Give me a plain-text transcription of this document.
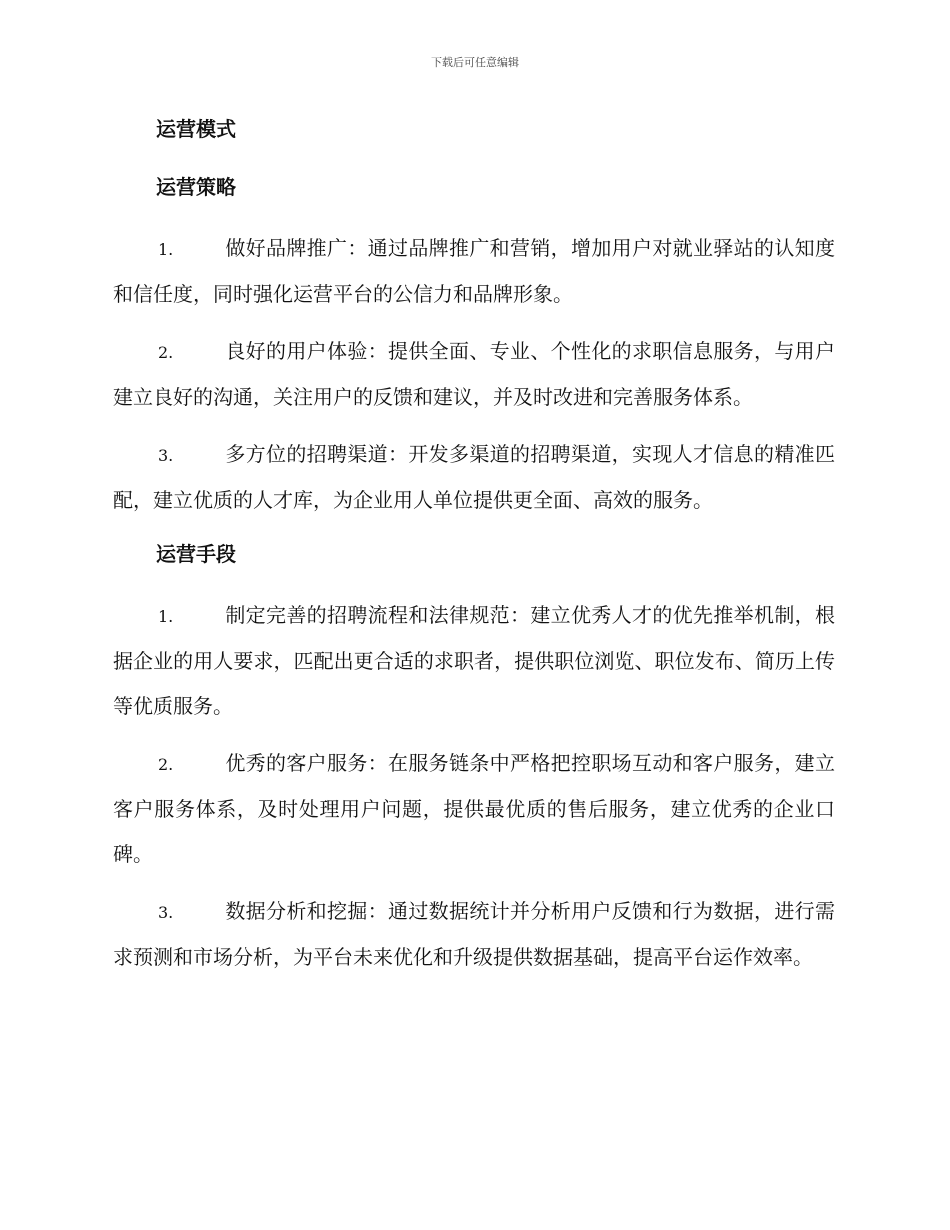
下载后可任意编辑
运营模式
运营策略
1.	做好品牌推广：通过品牌推广和营销，增加用户对就业驿站的认知度和信任度，同时强化运营平台的公信力和品牌形象。
2.	良好的用户体验：提供全面、专业、个性化的求职信息服务，与用户建立良好的沟通，关注用户的反馈和建议，并及时改进和完善服务体系。
3.	多方位的招聘渠道：开发多渠道的招聘渠道，实现人才信息的精准匹配，建立优质的人才库，为企业用人单位提供更全面、高效的服务。
运营手段
1.	制定完善的招聘流程和法律规范：建立优秀人才的优先推举机制，根据企业的用人要求，匹配出更合适的求职者，提供职位浏览、职位发布、简历上传等优质服务。
2.	优秀的客户服务：在服务链条中严格把控职场互动和客户服务，建立客户服务体系，及时处理用户问题，提供最优质的售后服务，建立优秀的企业口碑。
3.	数据分析和挖掘：通过数据统计并分析用户反馈和行为数据，进行需求预测和市场分析，为平台未来优化和升级提供数据基础，提高平台运作效率。
